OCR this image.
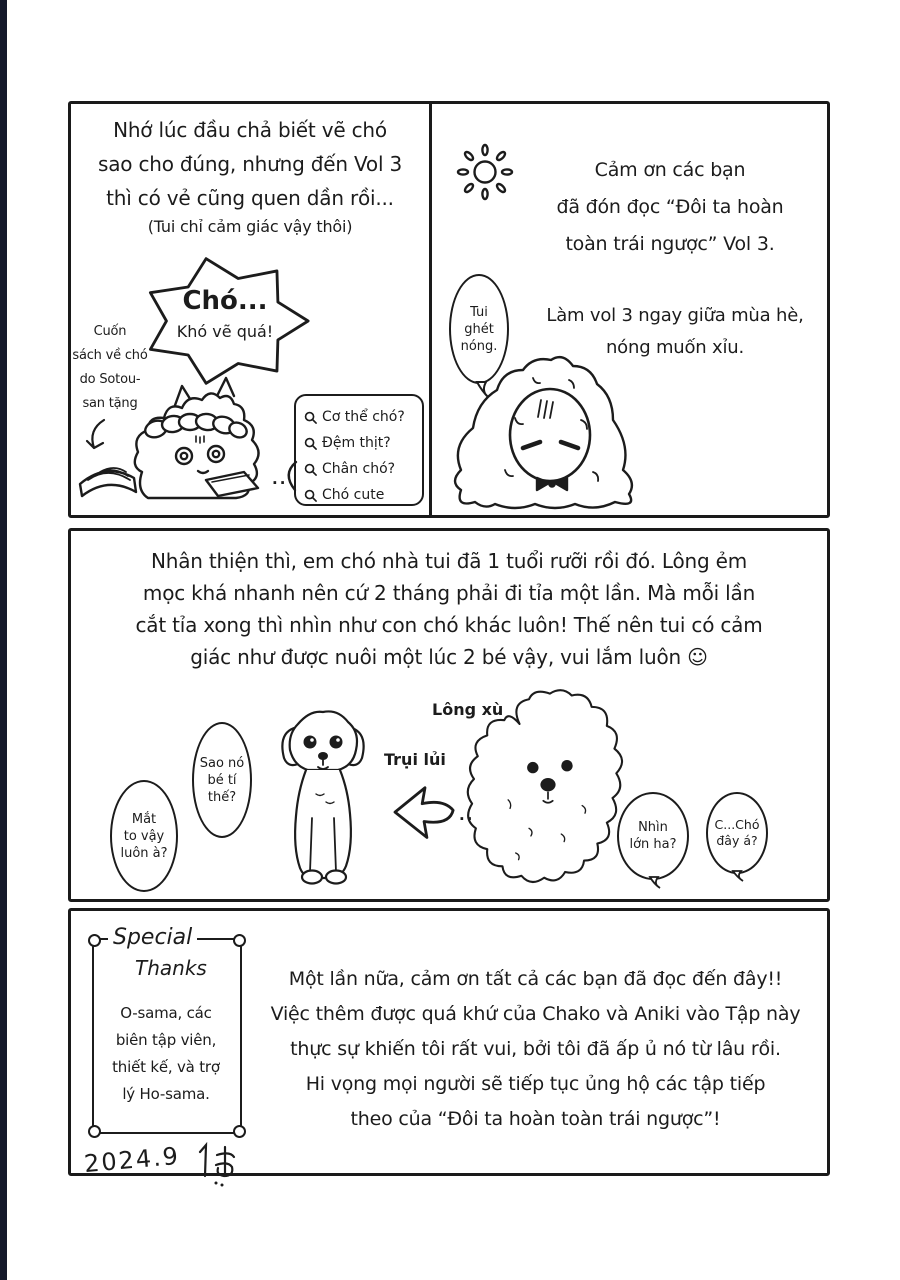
Nhớ lúc đầu chả biết vẽ chó
sao cho đúng, nhưng đến Vol 3
thì có vẻ cũng quen dần rồi...
(Tui chỉ cảm giác vậy thôi)
Chó...
Khó vẽ quá!
Cuốn
sách về chó
do Sotou-
san tặng
Cơ thể chó?
Đệm thịt?
Chân chó?
Chó cute
..
Cảm ơn các bạn
đã đón đọc “Đôi ta hoàn
toàn trái ngược” Vol 3.
Làm vol 3 ngay giữa mùa hè,
nóng muốn xỉu.
Tui
ghét
nóng.
Nhân thiện thì, em chó nhà tui đã 1 tuổi rưỡi rồi đó. Lông ẻm
mọc khá nhanh nên cứ 2 tháng phải đi tỉa một lần. Mà mỗi lần
cắt tỉa xong thì nhìn như con chó khác luôn! Thế nên tui có cảm
giác như được nuôi một lúc 2 bé vậy, vui lắm luôn ☺
Lông xù
Trụi lủi
..
Sao nó
bé tí
thế?
Mắt
to vậy
luôn à?
Nhìn
lớn ha?
C...Chó
đây á?
Special
Thanks
O-sama, các
biên tập viên,
thiết kế, và trợ
lý Ho-sama.
2024.9
Một lần nữa, cảm ơn tất cả các bạn đã đọc đến đây!!
Việc thêm được quá khứ của Chako và Aniki vào Tập này
thực sự khiến tôi rất vui, bởi tôi đã ấp ủ nó từ lâu rồi.
Hi vọng mọi người sẽ tiếp tục ủng hộ các tập tiếp
theo của “Đôi ta hoàn toàn trái ngược”!
